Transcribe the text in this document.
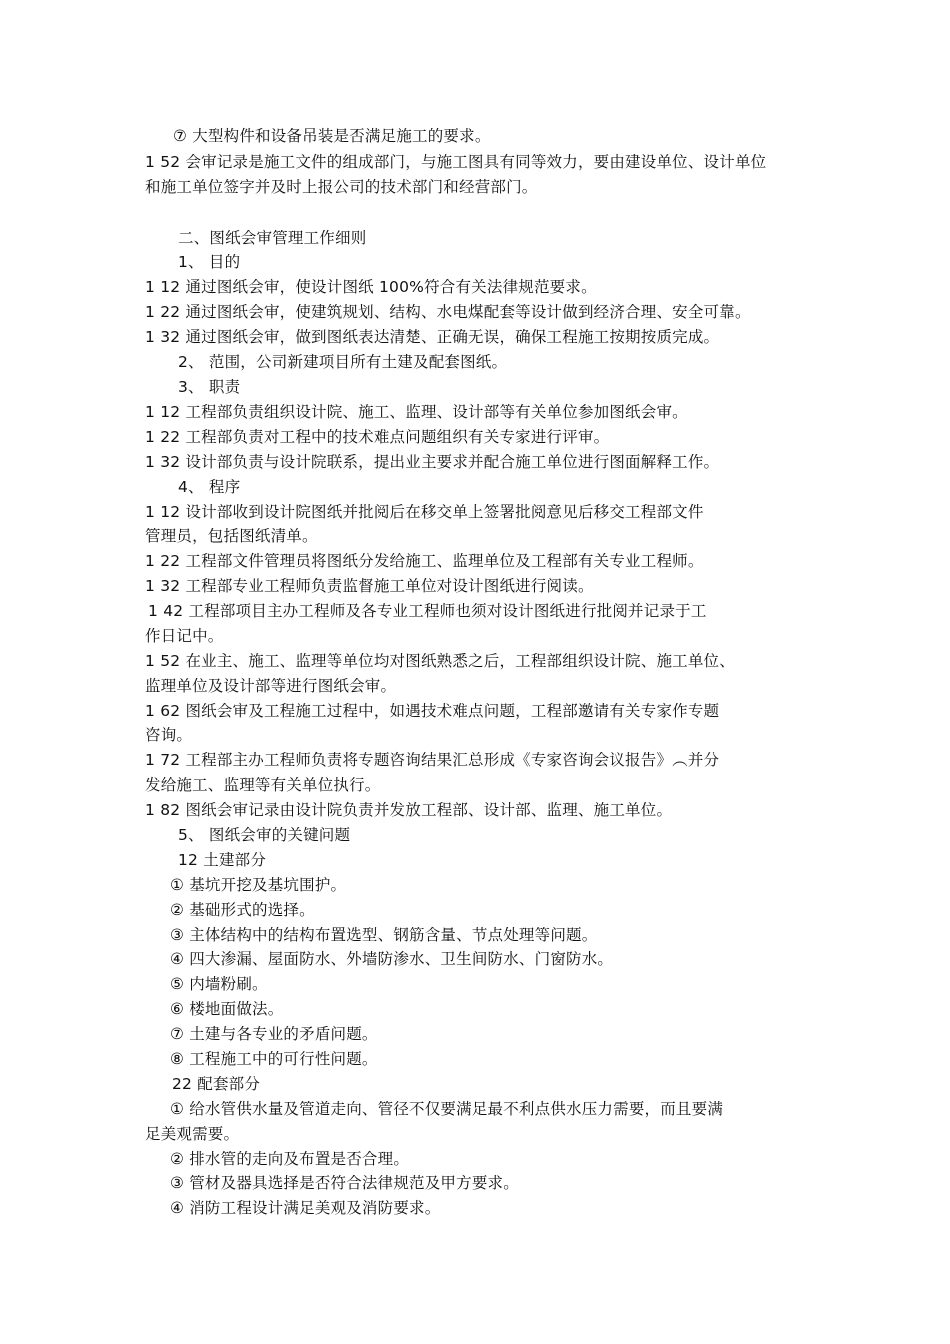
⑦ 大型构件和设备吊装是否满足施工的要求。
1 52 会审记录是施工文件的组成部门，与施工图具有同等效力，要由建设单位、设计单位
和施工单位签字并及时上报公司的技术部门和经营部门。
二、图纸会审管理工作细则
1、 目的
1 12 通过图纸会审，使设计图纸 100%符合有关法律规范要求。
1 22 通过图纸会审，使建筑规划、结构、水电煤配套等设计做到经济合理、安全可靠。
1 32 通过图纸会审，做到图纸表达清楚、正确无误，确保工程施工按期按质完成。
2、 范围，公司新建项目所有土建及配套图纸。
3、 职责
1 12 工程部负责组织设计院、施工、监理、设计部等有关单位参加图纸会审。
1 22 工程部负责对工程中的技术难点问题组织有关专家进行评审。
1 32 设计部负责与设计院联系，提出业主要求并配合施工单位进行图面解释工作。
4、 程序
1 12 设计部收到设计院图纸并批阅后在移交单上签署批阅意见后移交工程部文件
管理员，包括图纸清单。
1 22 工程部文件管理员将图纸分发给施工、监理单位及工程部有关专业工程师。
1 32 工程部专业工程师负责监督施工单位对设计图纸进行阅读。
1 42 工程部项目主办工程师及各专业工程师也须对设计图纸进行批阅并记录于工
作日记中。
1 52 在业主、施工、监理等单位均对图纸熟悉之后，工程部组织设计院、施工单位、
监理单位及设计部等进行图纸会审。
1 62 图纸会审及工程施工过程中，如遇技术难点问题，工程部邀请有关专家作专题
咨询。
1 72 工程部主办工程师负责将专题咨询结果汇总形成《专家咨询会议报告》︵并分
发给施工、监理等有关单位执行。
1 82 图纸会审记录由设计院负责并发放工程部、设计部、监理、施工单位。
5、 图纸会审的关键问题
12 土建部分
① 基坑开挖及基坑围护。
② 基础形式的选择。
③ 主体结构中的结构布置选型、钢筋含量、节点处理等问题。
④ 四大渗漏、屋面防水、外墙防渗水、卫生间防水、门窗防水。
⑤ 内墙粉刷。
⑥ 楼地面做法。
⑦ 土建与各专业的矛盾问题。
⑧ 工程施工中的可行性问题。
22 配套部分
① 给水管供水量及管道走向、管径不仅要满足最不利点供水压力需要，而且要满
足美观需要。
② 排水管的走向及布置是否合理。
③ 管材及器具选择是否符合法律规范及甲方要求。
④ 消防工程设计满足美观及消防要求。
